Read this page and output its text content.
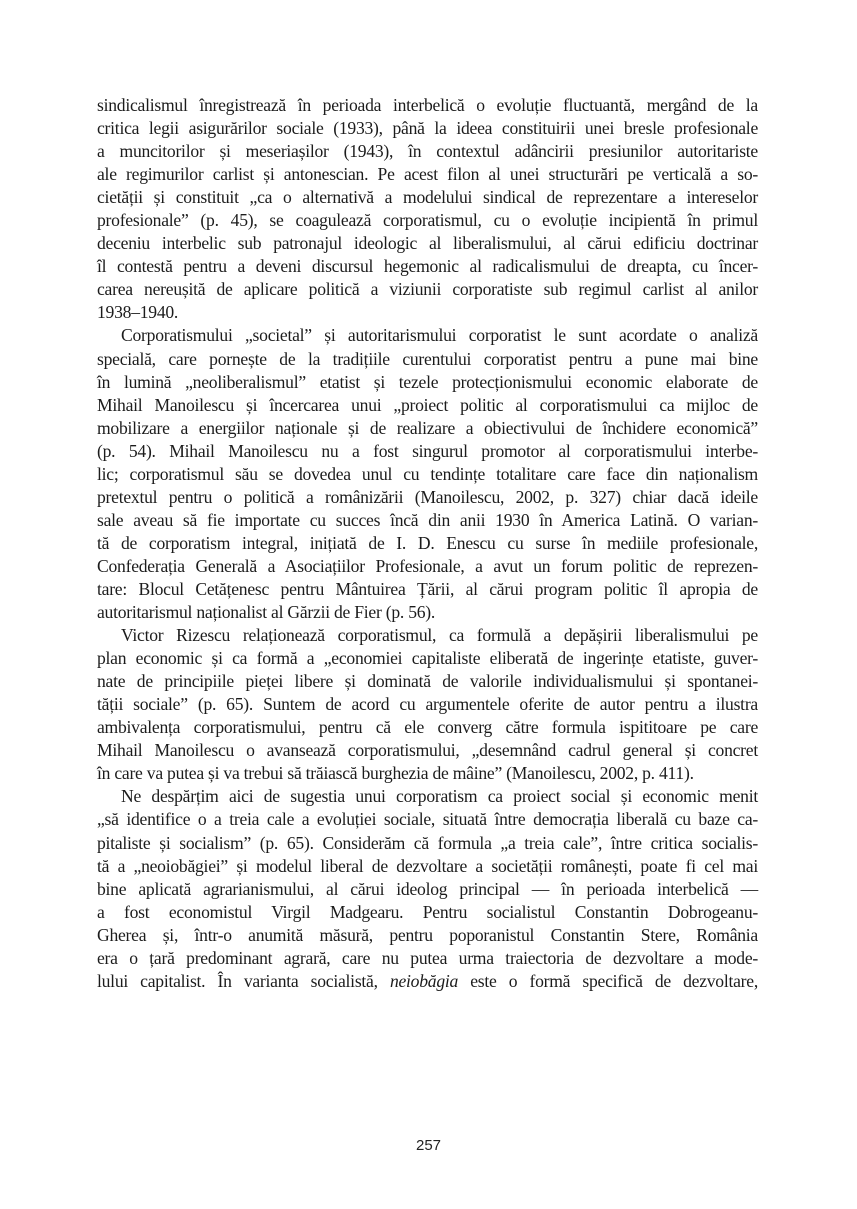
sindicalismul înregistrează în perioada interbelică o evoluție fluctuantă, mergând de la
critica legii asigurărilor sociale (1933), până la ideea constituirii unei bresle profesionale
a muncitorilor și meseriașilor (1943), în contextul adâncirii presiunilor autoritariste
ale regimurilor carlist și antonescian. Pe acest filon al unei structurări pe verticală a so-
cietății și constituit „ca o alternativă a modelului sindical de reprezentare a intereselor
profesionale” (p. 45), se coagulează corporatismul, cu o evoluție incipientă în primul
deceniu interbelic sub patronajul ideologic al liberalismului, al cărui edificiu doctrinar
îl contestă pentru a deveni discursul hegemonic al radicalismului de dreapta, cu încer-
carea nereușită de aplicare politică a viziunii corporatiste sub regimul carlist al anilor
1938–1940.
Corporatismului „societal” și autoritarismului corporatist le sunt acordate o analiză
specială, care pornește de la tradițiile curentului corporatist pentru a pune mai bine
în lumină „neoliberalismul” etatist și tezele protecționismului economic elaborate de
Mihail Manoilescu și încercarea unui „proiect politic al corporatismului ca mijloc de
mobilizare a energiilor naționale și de realizare a obiectivului de închidere economică”
(p. 54). Mihail Manoilescu nu a fost singurul promotor al corporatismului interbe-
lic; corporatismul său se dovedea unul cu tendințe totalitare care face din naționalism
pretextul pentru o politică a românizării (Manoilescu, 2002, p. 327) chiar dacă ideile
sale aveau să fie importate cu succes încă din anii 1930 în America Latină. O varian-
tă de corporatism integral, inițiată de I. D. Enescu cu surse în mediile profesionale,
Confederația Generală a Asociațiilor Profesionale, a avut un forum politic de reprezen-
tare: Blocul Cetățenesc pentru Mântuirea Țării, al cărui program politic îl apropia de
autoritarismul naționalist al Gărzii de Fier (p. 56).
Victor Rizescu relaționează corporatismul, ca formulă a depășirii liberalismului pe
plan economic și ca formă a „economiei capitaliste eliberată de ingerințe etatiste, guver-
nate de principiile pieței libere și dominată de valorile individualismului și spontanei-
tății sociale” (p. 65). Suntem de acord cu argumentele oferite de autor pentru a ilustra
ambivalența corporatismului, pentru că ele converg către formula ispititoare pe care
Mihail Manoilescu o avansează corporatismului, „desemnând cadrul general și concret
în care va putea și va trebui să trăiască burghezia de mâine” (Manoilescu, 2002, p. 411).
Ne despărțim aici de sugestia unui corporatism ca proiect social și economic menit
„să identifice o a treia cale a evoluției sociale, situată între democrația liberală cu baze ca-
pitaliste și socialism” (p. 65). Considerăm că formula „a treia cale”, între critica socialis-
tă a „neoiobăgiei” și modelul liberal de dezvoltare a societății românești, poate fi cel mai
bine aplicată agrarianismului, al cărui ideolog principal — în perioada interbelică —
a fost economistul Virgil Madgearu. Pentru socialistul Constantin Dobrogeanu-
Gherea și, într-o anumită măsură, pentru poporanistul Constantin Stere, România
era o țară predominant agrară, care nu putea urma traiectoria de dezvoltare a mode-
lului capitalist. În varianta socialistă, neiobăgia este o formă specifică de dezvoltare,
257
